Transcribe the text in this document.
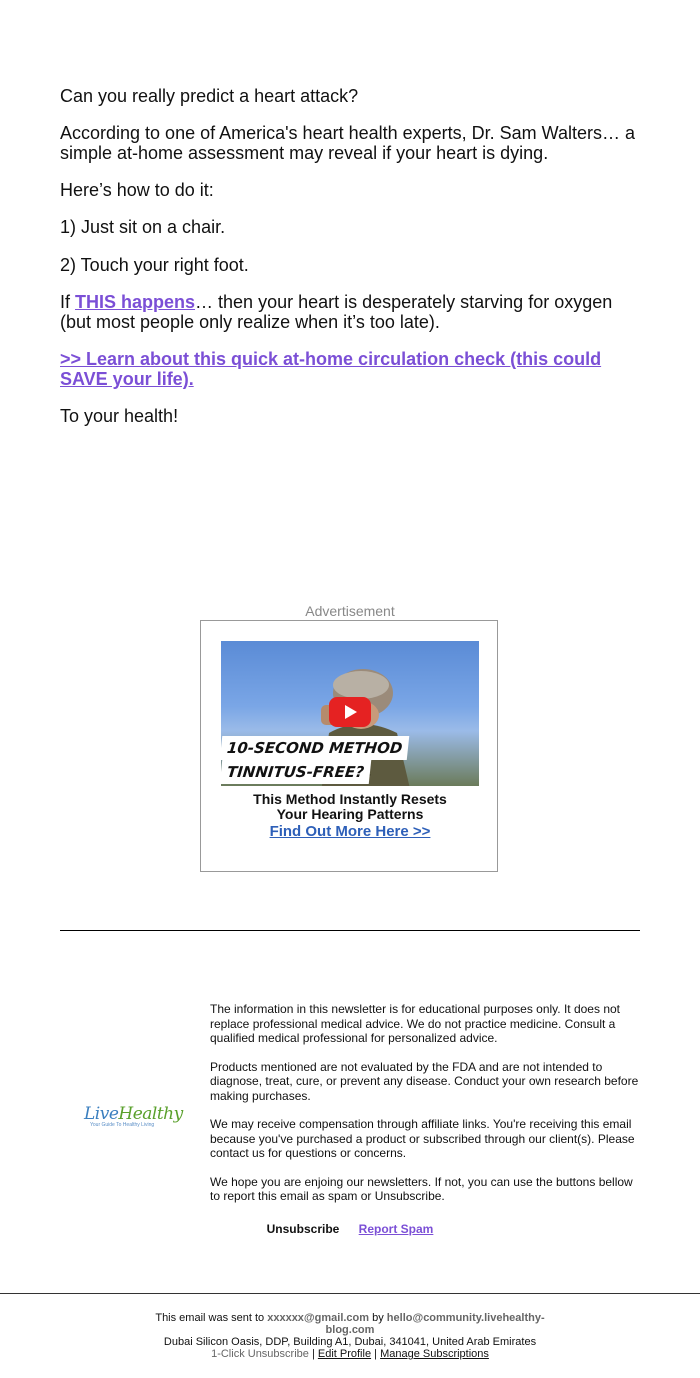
Can you really predict a heart attack?

According to one of America's heart health experts, Dr. Sam Walters… a simple at-home assessment may reveal if your heart is dying.

Here’s how to do it:

1) Just sit on a chair.

2) Touch your right foot.

If THIS happens… then your heart is desperately starving for oxygen (but most people only realize when it’s too late).

>> Learn about this quick at-home circulation check (this could SAVE your life).

To your health!

Advertisement
10-SECOND METHOD
TINNITUS-FREE?
This Method Instantly Resets
Your Hearing Patterns
Find Out More Here >>
LiveHealthy
Your Guide To Healthy Living

The information in this newsletter is for educational purposes only. It does not replace professional medical advice. We do not practice medicine. Consult a qualified medical professional for personalized advice.

Products mentioned are not evaluated by the FDA and are not intended to diagnose, treat, cure, or prevent any disease. Conduct your own research before making purchases.

We may receive compensation through affiliate links. You're receiving this email because you've purchased a product or subscribed through our client(s). Please contact us for questions or concerns.

We hope you are enjoing our newsletters. If not, you can use the buttons bellow to report this email as spam or Unsubscribe.

Unsubscribe Report Spam
This email was sent to xxxxxx@gmail.com by hello@community.livehealthy-blog.com
Dubai Silicon Oasis, DDP, Building A1, Dubai, 341041, United Arab Emirates
1-Click Unsubscribe | Edit Profile | Manage Subscriptions
